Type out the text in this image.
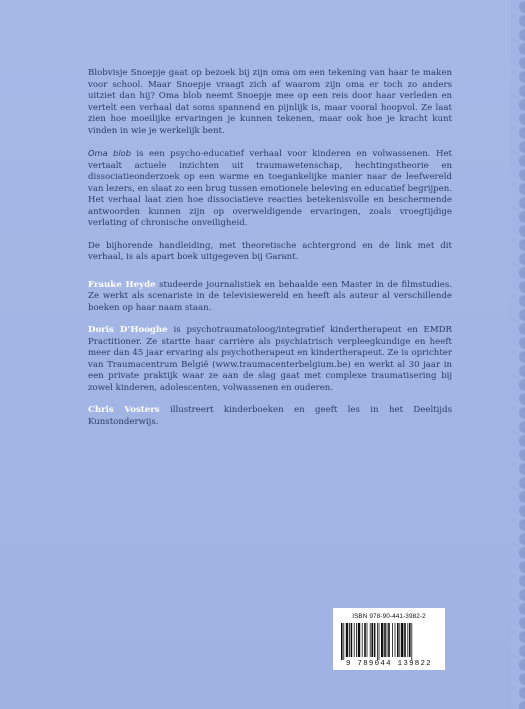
Blobvisje Snoepje gaat op bezoek bij zijn oma om een tekening van haar te maken voor school. Maar Snoepje vraagt zich af waarom zijn oma er toch zo anders uitziet dan hij? Oma blob neemt Snoepje mee op een reis door haar verleden en vertelt een verhaal dat soms spannend en pijnlijk is, maar vooral hoopvol. Ze laat zien hoe moeilijke ervaringen je kunnen tekenen, maar ook hoe je kracht kunt vinden in wie je werkelijk bent.

Oma blob is een psycho-educatief verhaal voor kinderen en volwassenen. Het vertaalt actuele inzichten uit traumawetenschap, hechtingstheorie en dissociatieonderzoek op een warme en toegankelijke manier naar de leefwereld van lezers, en slaat zo een brug tussen emotionele beleving en educatief begrijpen. Het verhaal laat zien hoe dissociatieve reacties betekenisvolle en beschermende antwoorden kunnen zijn op overweldigende ervaringen, zoals vroegtijdige verlating of chronische onveiligheid.

De bijhorende handleiding, met theoretische achtergrond en de link met dit verhaal, is als apart boek uitgegeven bij Garant.

Frauke Heyde studeerde journalistiek en behaalde een Master in de filmstudies. Ze werkt als scenariste in de televisiewereld en heeft als auteur al verschillende boeken op haar naam staan.

Doris D’Hooghe is psychotraumatoloog/integratief kindertherapeut en EMDR Practitioner. Ze startte haar carrière als psychiatrisch verpleegkundige en heeft meer dan 45 jaar ervaring als psychotherapeut en kindertherapeut. Ze is oprichter van Traumacentrum België (www.traumacenterbelgium.be) en werkt al 30 jaar in een private praktijk waar ze aan de slag gaat met complexe traumatisering bij zowel kinderen, adolescenten, volwassenen en ouderen.

Chris Vosters illustreert kinderboeken en geeft les in het Deeltijds Kunstonderwijs.

ISBN 978-90-441-3982-2
9 789044 139822
